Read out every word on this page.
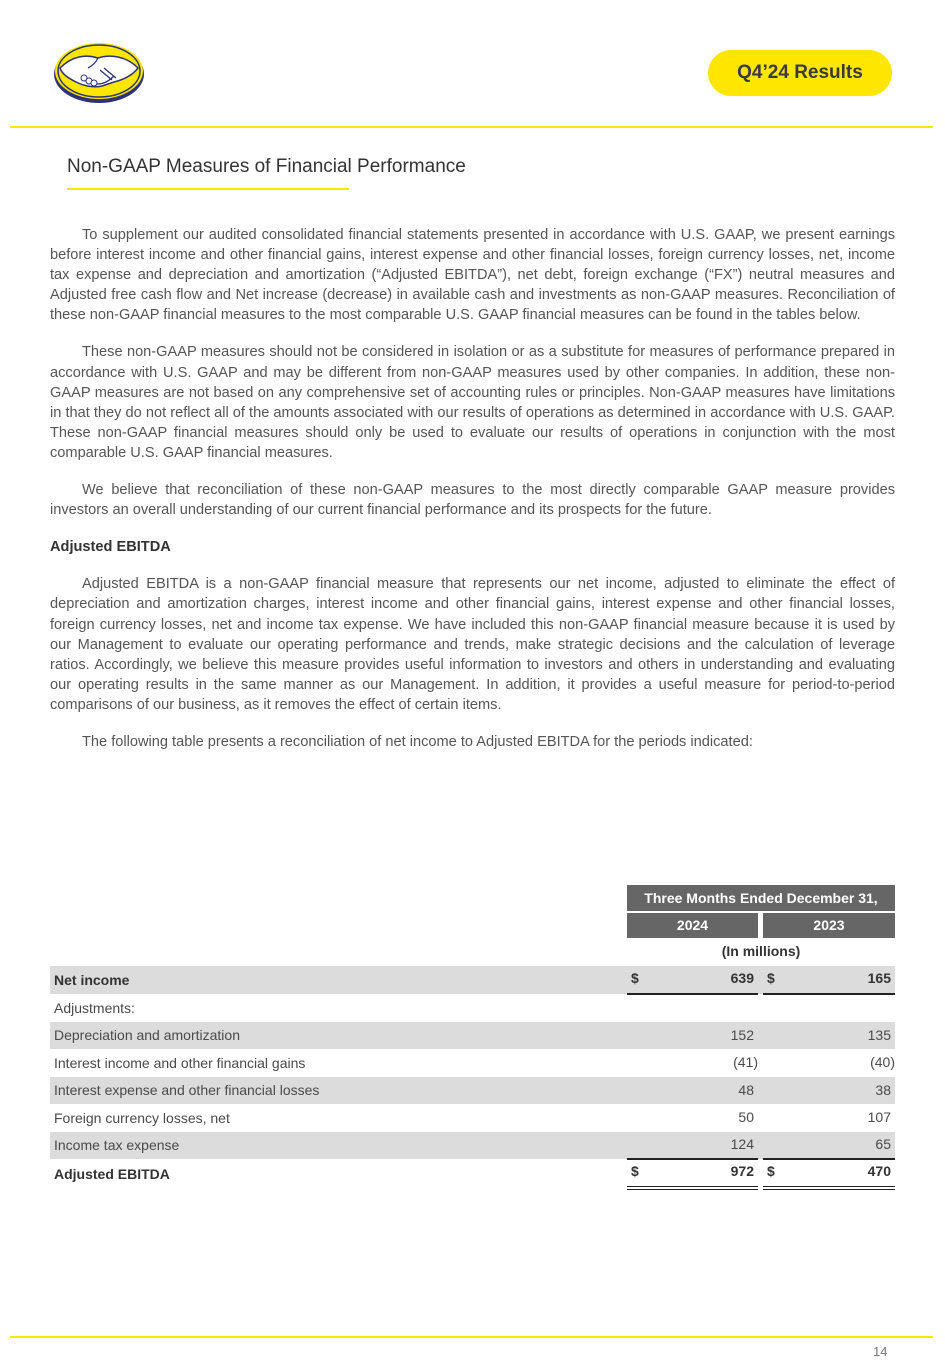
Q4’24 Results
Non-GAAP Measures of Financial Performance

To supplement our audited consolidated financial statements presented in accordance with U.S. GAAP, we present earnings before interest income and other financial gains, interest expense and other financial losses, foreign currency losses, net, income tax expense and depreciation and amortization (“Adjusted EBITDA”), net debt, foreign exchange (“FX”) neutral measures and Adjusted free cash flow and Net increase (decrease) in available cash and investments as non-GAAP measures. Reconciliation of these non-GAAP financial measures to the most comparable U.S. GAAP financial measures can be found in the tables below.

These non-GAAP measures should not be considered in isolation or as a substitute for measures of performance prepared in accordance with U.S. GAAP and may be different from non-GAAP measures used by other companies. In addition, these non-GAAP measures are not based on any comprehensive set of accounting rules or principles. Non-GAAP measures have limitations in that they do not reflect all of the amounts associated with our results of operations as determined in accordance with U.S. GAAP. These non-GAAP financial measures should only be used to evaluate our results of operations in conjunction with the most comparable U.S. GAAP financial measures.

We believe that reconciliation of these non-GAAP measures to the most directly comparable GAAP measure provides investors an overall understanding of our current financial performance and its prospects for the future.

Adjusted EBITDA

Adjusted EBITDA is a non-GAAP financial measure that represents our net income, adjusted to eliminate the effect of depreciation and amortization charges, interest income and other financial gains, interest expense and other financial losses, foreign currency losses, net and income tax expense. We have included this non-GAAP financial measure because it is used by our Management to evaluate our operating performance and trends, make strategic decisions and the calculation of leverage ratios. Accordingly, we believe this measure provides useful information to investors and others in understanding and evaluating our operating results in the same manner as our Management. In addition, it provides a useful measure for period-to-period comparisons of our business, as it removes the effect of certain items.

The following table presents a reconciliation of net income to Adjusted EBITDA for the periods indicated:

Three Months Ended December 31,
2024	2023
(In millions)
Net income	$	639 $	165
Adjustments:
Depreciation and amortization	152	135
Interest income and other financial gains	(41)	(40)
Interest expense and other financial losses	48	38
Foreign currency losses, net	50	107
Income tax expense	124	65
Adjusted EBITDA	$	972 $	470
14
